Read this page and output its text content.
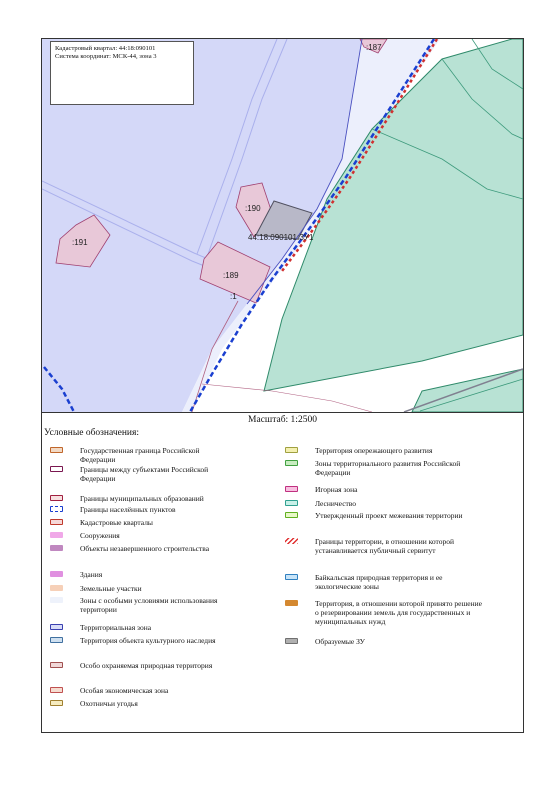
:187
:190
:191
:189
:1
44:18:090101:ЗУ1
Кадастровый квартал: 44:18:090101
Система координат: МСК-44, зона 3
Масштаб: 1:2500
Условные обозначения:
Государственная граница Российской Федерации
Границы между субъектами Российской Федерации
Границы муниципальных образований
Границы населённых пунктов
Кадастровые кварталы
Сооружения
Объекты незавершенного строительства
Здания
Земельные участки
Зоны с особыми условиями использования территории
Территориальная зона
Территория объекта культурного наследия
Особо охраняемая природная территория
Особая экономическая зона
Охотничьи угодья
Территория опережающего развития
Зоны территориального развития Российской Федерации
Игорная зона
Лесничество
Утвержденный проект межевания территории
Границы территории, в отношении которой устанавливается публичный сервитут
Байкальская природная территория и ее экологические зоны
Территория, в отношении которой принято решение о резервировании земель для государственных и муниципальных нужд
Образуемые ЗУ
